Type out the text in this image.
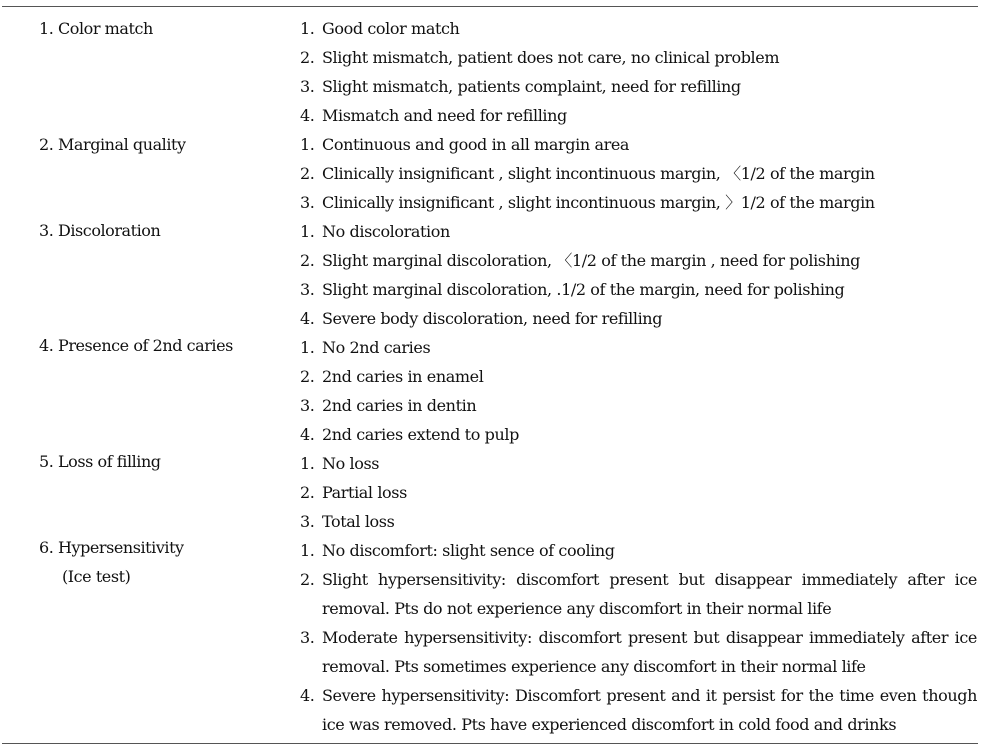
1. Color match
2. Marginal quality
3. Discoloration
4. Presence of 2nd caries
5. Loss of filling
6. Hypersensitivity
(Ice test)
1. Good color match
2. Slight mismatch, patient does not care, no clinical problem
3. Slight mismatch, patients complaint, need for refilling
4. Mismatch and need for refilling
1. Continuous and good in all margin area
2. Clinically insignificant , slight incontinuous margin, 〈1/2 of the margin
3. Clinically insignificant , slight incontinuous margin, 〉1/2 of the margin
1. No discoloration
2. Slight marginal discoloration, 〈1/2 of the margin , need for polishing
3. Slight marginal discoloration, .1/2 of the margin, need for polishing
4. Severe body discoloration, need for refilling
1. No 2nd caries
2. 2nd caries in enamel
3. 2nd caries in dentin
4. 2nd caries extend to pulp
1. No loss
2. Partial loss
3. Total loss
1. No discomfort: slight sence of cooling
2. Slight hypersensitivity: discomfort present but disappear immediately after ice removal. Pts do not experience any discomfort in their normal life
3. Moderate hypersensitivity: discomfort present but disappear immediately after ice removal. Pts sometimes experience any discomfort in their normal life
4. Severe hypersensitivity: Discomfort present and it persist for the time even though ice was removed. Pts have experienced discomfort in cold food and drinks
